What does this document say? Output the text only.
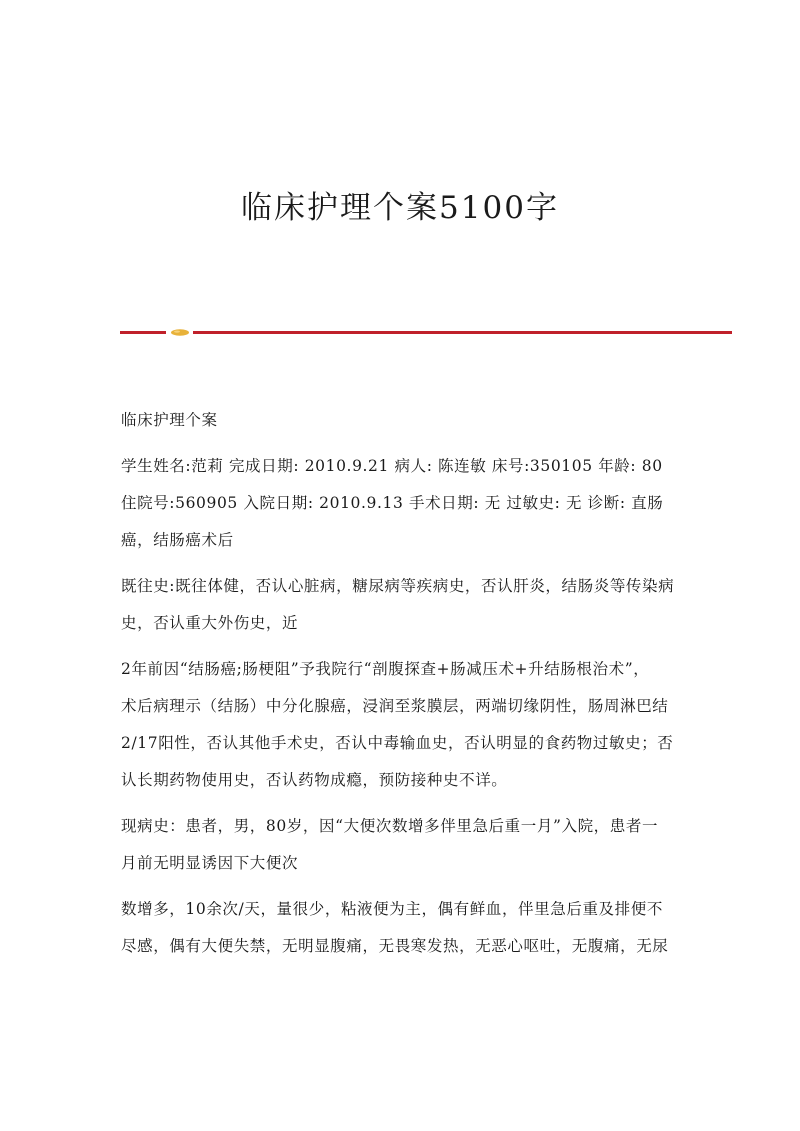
临床护理个案5100字

临床护理个案

学生姓名:范莉 完成日期: 2010.9.21 病人: 陈连敏 床号:350105 年龄: 80
住院号:560905 入院日期: 2010.9.13 手术日期: 无 过敏史: 无 诊断: 直肠
癌，结肠癌术后

既往史:既往体健，否认心脏病，糖尿病等疾病史，否认肝炎，结肠炎等传染病
史，否认重大外伤史，近

2年前因“结肠癌;肠梗阻”予我院行“剖腹探查+肠减压术+升结肠根治术”，
术后病理示（结肠）中分化腺癌，浸润至浆膜层，两端切缘阴性，肠周淋巴结
2/17阳性，否认其他手术史，否认中毒输血史，否认明显的食药物过敏史；否
认长期药物使用史，否认药物成瘾，预防接种史不详。

现病史：患者，男，80岁，因“大便次数增多伴里急后重一月”入院，患者一
月前无明显诱因下大便次

数增多，10余次/天，量很少，粘液便为主，偶有鲜血，伴里急后重及排便不
尽感，偶有大便失禁，无明显腹痛，无畏寒发热，无恶心呕吐，无腹痛，无尿
